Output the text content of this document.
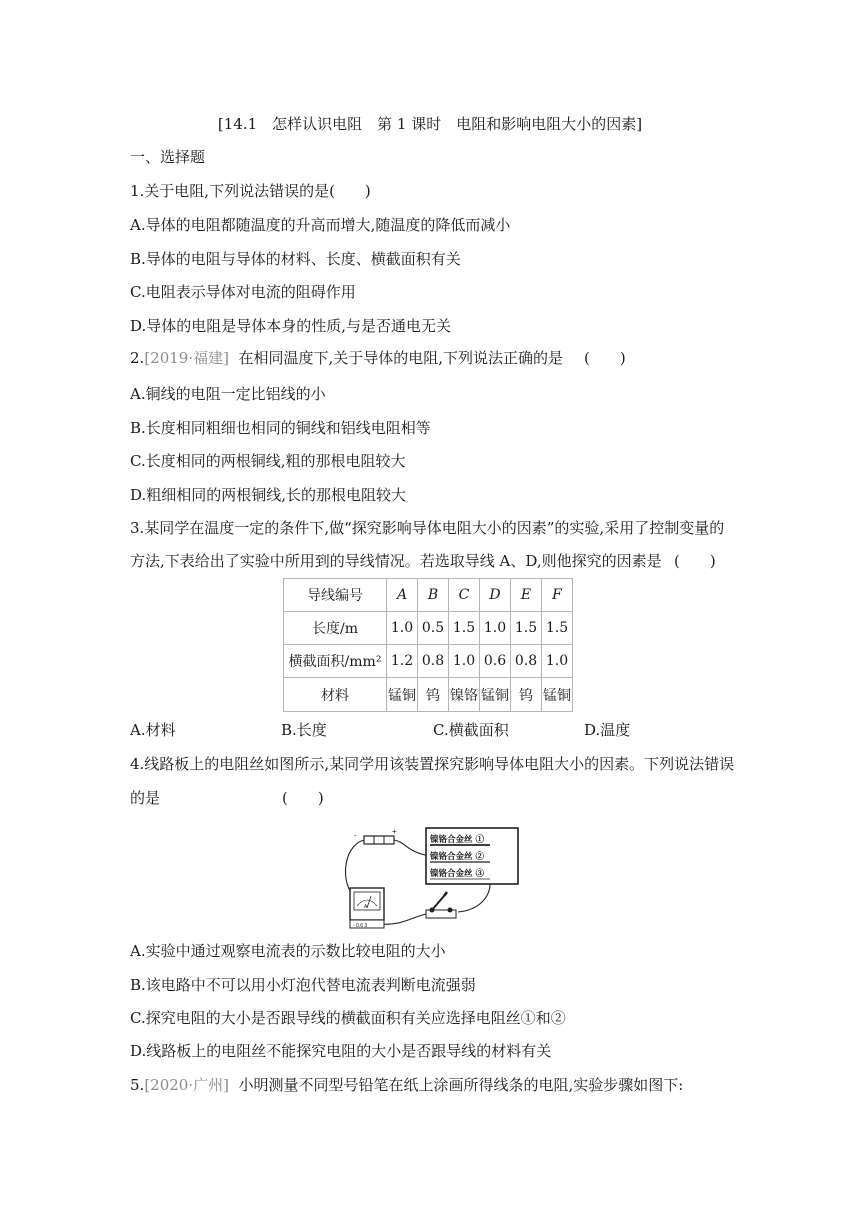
[14.1　怎样认识电阻　第 1 课时　电阻和影响电阻大小的因素]
一、选择题
1.关于电阻,下列说法错误的是(　　)
A.导体的电阻都随温度的升高而增大,随温度的降低而减小
B.导体的电阻与导体的材料、长度、横截面积有关
C.电阻表示导体对电流的阻碍作用
D.导体的电阻是导体本身的性质,与是否通电无关
2.[2019·福建] 在相同温度下,关于导体的电阻,下列说法正确的是 (　　)
A.铜线的电阻一定比铝线的小
B.长度相同粗细也相同的铜线和铝线电阻相等
C.长度相同的两根铜线,粗的那根电阻较大
D.粗细相同的两根铜线,长的那根电阻较大
3.某同学在温度一定的条件下,做“探究影响导体电阻大小的因素”的实验,采用了控制变量的
方法,下表给出了实验中所用到的导线情况。若选取导线 A、D,则他探究的因素是 (　　)
导线编号	A	B	C	D	E	F
长度/m	1.0	0.5	1.5	1.0	1.5	1.5
横截面积/mm²	1.2	0.8	1.0	0.6	0.8	1.0
材料	锰铜	钨	镍铬	锰铜	钨	锰铜
A.材料	B.长度	C.横截面积	D.温度
4.线路板上的电阻丝如图所示,某同学用该装置探究影响导体电阻大小的因素。下列说法错误
的是	(　　)
-	+
镍铬合金丝 ①
镍铬合金丝 ②
镍铬合金丝 ③
A
- 0.6 3
A.实验中通过观察电流表的示数比较电阻的大小
B.该电路中不可以用小灯泡代替电流表判断电流强弱
C.探究电阻的大小是否跟导线的横截面积有关应选择电阻丝①和②
D.线路板上的电阻丝不能探究电阻的大小是否跟导线的材料有关
5.[2020·广州] 小明测量不同型号铅笔在纸上涂画所得线条的电阻,实验步骤如图下:
